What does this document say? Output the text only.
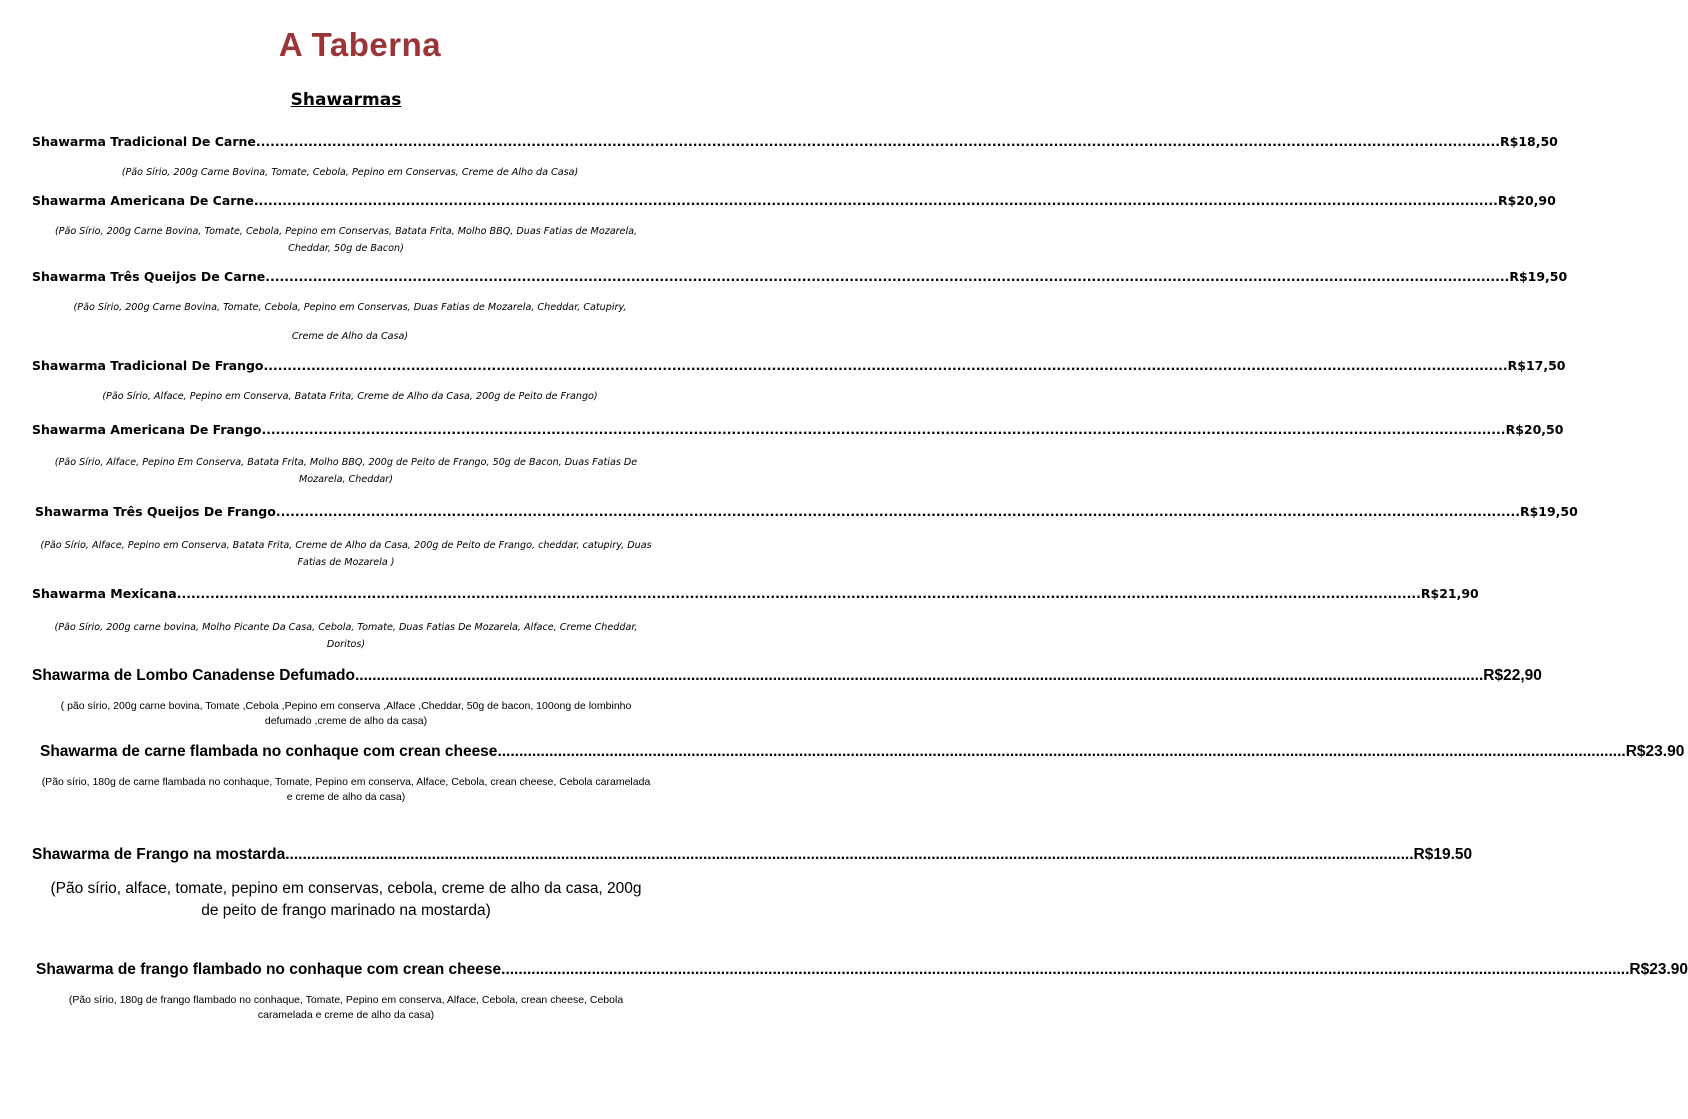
A Taberna
Shawarmas
Shawarma Tradicional De Carne ...................................................................................................................................................................................................................................................................... R$18,50
(Pão Sírio, 200g Carne Bovina, Tomate, Cebola, Pepino em Conservas, Creme de Alho da Casa)
Shawarma Americana De Carne ...................................................................................................................................................................................................................................................................... R$20,90
(Pão Sírio, 200g Carne Bovina, Tomate, Cebola, Pepino em Conservas, Batata Frita, Molho BBQ, Duas Fatias de Mozarela, Cheddar, 50g de Bacon)
Shawarma Três Queijos De Carne ...................................................................................................................................................................................................................................................................... R$19,50
(Pão Sírio, 200g Carne Bovina, Tomate, Cebola, Pepino em Conservas, Duas Fatias de Mozarela, Cheddar, Catupiry,
Creme de Alho da Casa)
Shawarma Tradicional De Frango ...................................................................................................................................................................................................................................................................... R$17,50
(Pão Sírio, Alface, Pepino em Conserva, Batata Frita, Creme de Alho da Casa, 200g de Peito de Frango)
Shawarma Americana De Frango ...................................................................................................................................................................................................................................................................... R$20,50
(Pão Sírio, Alface, Pepino Em Conserva, Batata Frita, Molho BBQ, 200g de Peito de Frango, 50g de Bacon, Duas Fatias De Mozarela, Cheddar)
Shawarma Três Queijos De Frango ...................................................................................................................................................................................................................................................................... R$19,50
(Pão Sírio, Alface, Pepino em Conserva, Batata Frita, Creme de Alho da Casa, 200g de Peito de Frango, cheddar, catupiry, Duas Fatias de Mozarela )
Shawarma Mexicana ...................................................................................................................................................................................................................................................................... R$21,90
(Pão Sírio, 200g carne bovina, Molho Picante Da Casa, Cebola, Tomate, Duas Fatias De Mozarela, Alface, Creme Cheddar, Doritos)
Shawarma de Lombo Canadense Defumado ...................................................................................................................................................................................................................................................................... R$22,90
( pão sírio, 200g carne bovina, Tomate ,Cebola ,Pepino em conserva ,Alface ,Cheddar, 50g de bacon, 100ong de lombinho defumado ,creme de alho da casa)
Shawarma de carne flambada no conhaque com crean cheese ...................................................................................................................................................................................................................................................................... R$23.90
(Pão sírio, 180g de carne flambada no conhaque, Tomate, Pepino em conserva, Alface, Cebola, crean cheese, Cebola caramelada e creme de alho da casa)
Shawarma de Frango na mostarda ...................................................................................................................................................................................................................................................................... R$19.50
(Pão sírio, alface, tomate, pepino em conservas, cebola, creme de alho da casa, 200g de peito de frango marinado na mostarda)
Shawarma de frango flambado no conhaque com crean cheese ...................................................................................................................................................................................................................................................................... R$23.90
(Pão sírio, 180g de frango flambado no conhaque, Tomate, Pepino em conserva, Alface, Cebola, crean cheese, Cebola caramelada e creme de alho da casa)
